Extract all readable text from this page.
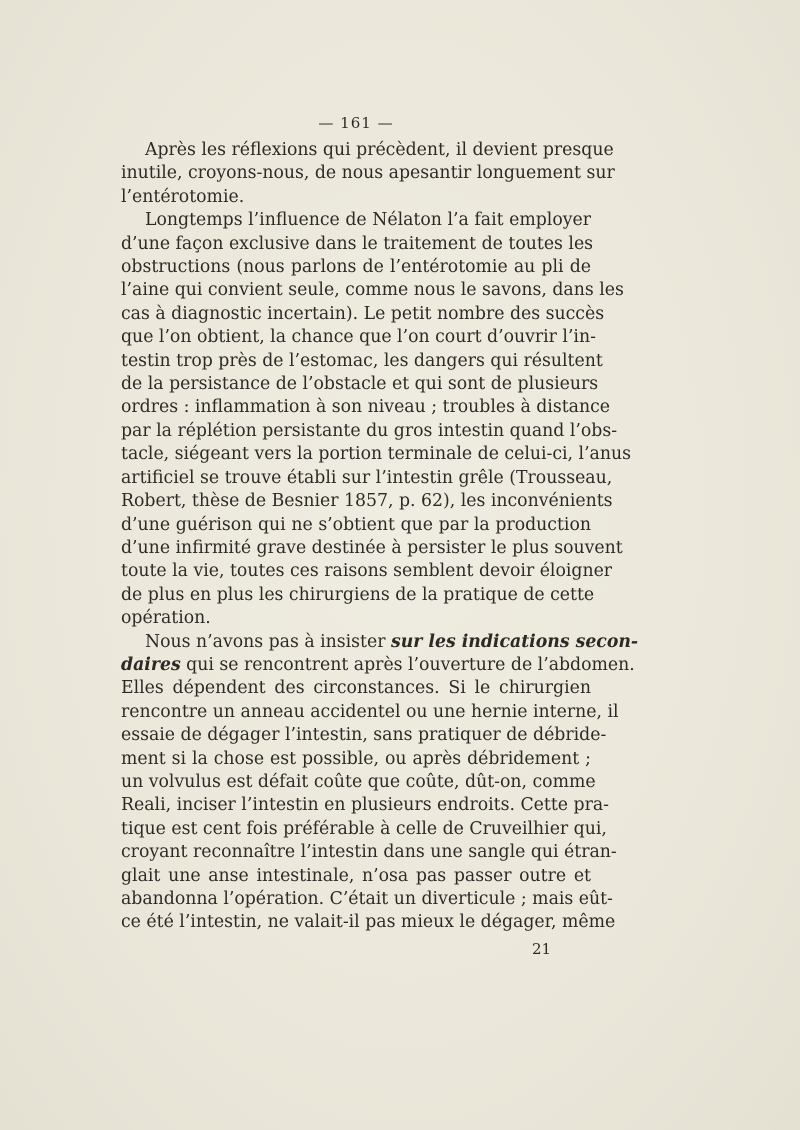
— 161 —
Après les réflexions qui précèdent, il devient presque
inutile, croyons-nous, de nous apesantir longuement sur
l’entérotomie.
Longtemps l’influence de Nélaton l’a fait employer
d’une façon exclusive dans le traitement de toutes les
obstructions (nous parlons de l’entérotomie au pli de
l’aine qui convient seule, comme nous le savons, dans les
cas à diagnostic incertain). Le petit nombre des succès
que l’on obtient, la chance que l’on court d’ouvrir l’in-
testin trop près de l’estomac, les dangers qui résultent
de la persistance de l’obstacle et qui sont de plusieurs
ordres : inflammation à son niveau ; troubles à distance
par la réplétion persistante du gros intestin quand l’obs-
tacle, siégeant vers la portion terminale de celui-ci, l’anus
artificiel se trouve établi sur l’intestin grêle (Trousseau,
Robert, thèse de Besnier 1857, p. 62), les inconvénients
d’une guérison qui ne s’obtient que par la production
d’une infirmité grave destinée à persister le plus souvent
toute la vie, toutes ces raisons semblent devoir éloigner
de plus en plus les chirurgiens de la pratique de cette
opération.
Nous n’avons pas à insister sur les indications secon-
daires qui se rencontrent après l’ouverture de l’abdomen.
Elles dépendent des circonstances. Si le chirurgien
rencontre un anneau accidentel ou une hernie interne, il
essaie de dégager l’intestin, sans pratiquer de débride-
ment si la chose est possible, ou après débridement ;
un volvulus est défait coûte que coûte, dût-on, comme
Reali, inciser l’intestin en plusieurs endroits. Cette pra-
tique est cent fois préférable à celle de Cruveilhier qui,
croyant reconnaître l’intestin dans une sangle qui étran-
glait une anse intestinale, n’osa pas passer outre et
abandonna l’opération. C’était un diverticule ; mais eût-
ce été l’intestin, ne valait-il pas mieux le dégager, même
21
